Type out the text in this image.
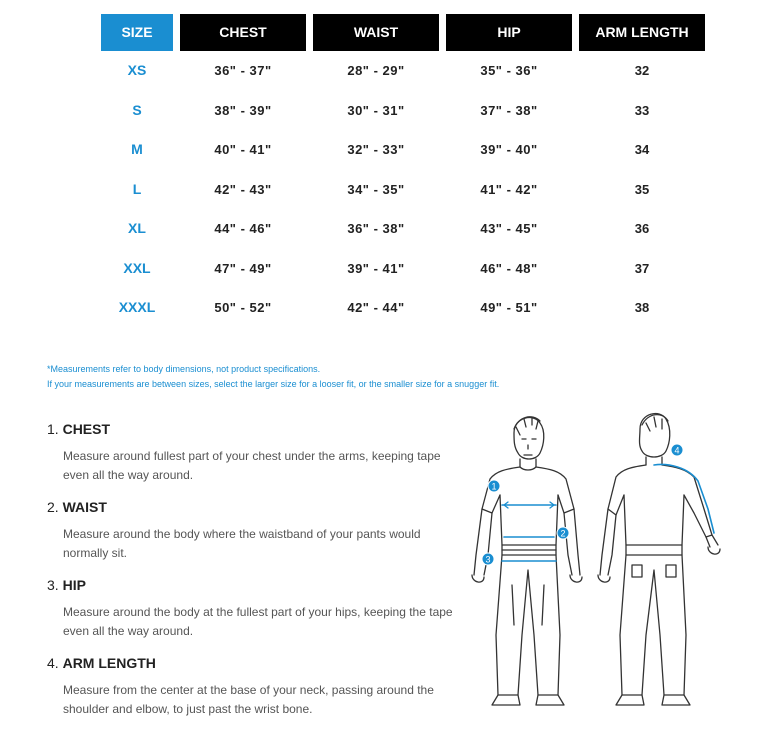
SIZE	CHEST	WAIST	HIP	ARM LENGTH
XS	36" - 37"	28" - 29"	35" - 36"	32
S	38" - 39"	30" - 31"	37" - 38"	33
M	40" - 41"	32" - 33"	39" - 40"	34
L	42" - 43"	34" - 35"	41" - 42"	35
XL	44" - 46"	36" - 38"	43" - 45"	36
XXL	47" - 49"	39" - 41"	46" - 48"	37
XXXL	50" - 52"	42" - 44"	49" - 51"	38
*Measurements refer to body dimensions, not product specifications.
If your measurements are between sizes, select the larger size for a looser fit, or the smaller size for a snugger fit.
1. CHEST
Measure around fullest part of your chest under the arms, keeping tape even all the way around.
2. WAIST
Measure around the body where the waistband of your pants would normally sit.
3. HIP
Measure around the body at the fullest part of your hips, keeping the tape even all the way around.
4. ARM LENGTH
Measure from the center at the base of your neck, passing around the shoulder and elbow, to just past the wrist bone.
1
2
3
4
